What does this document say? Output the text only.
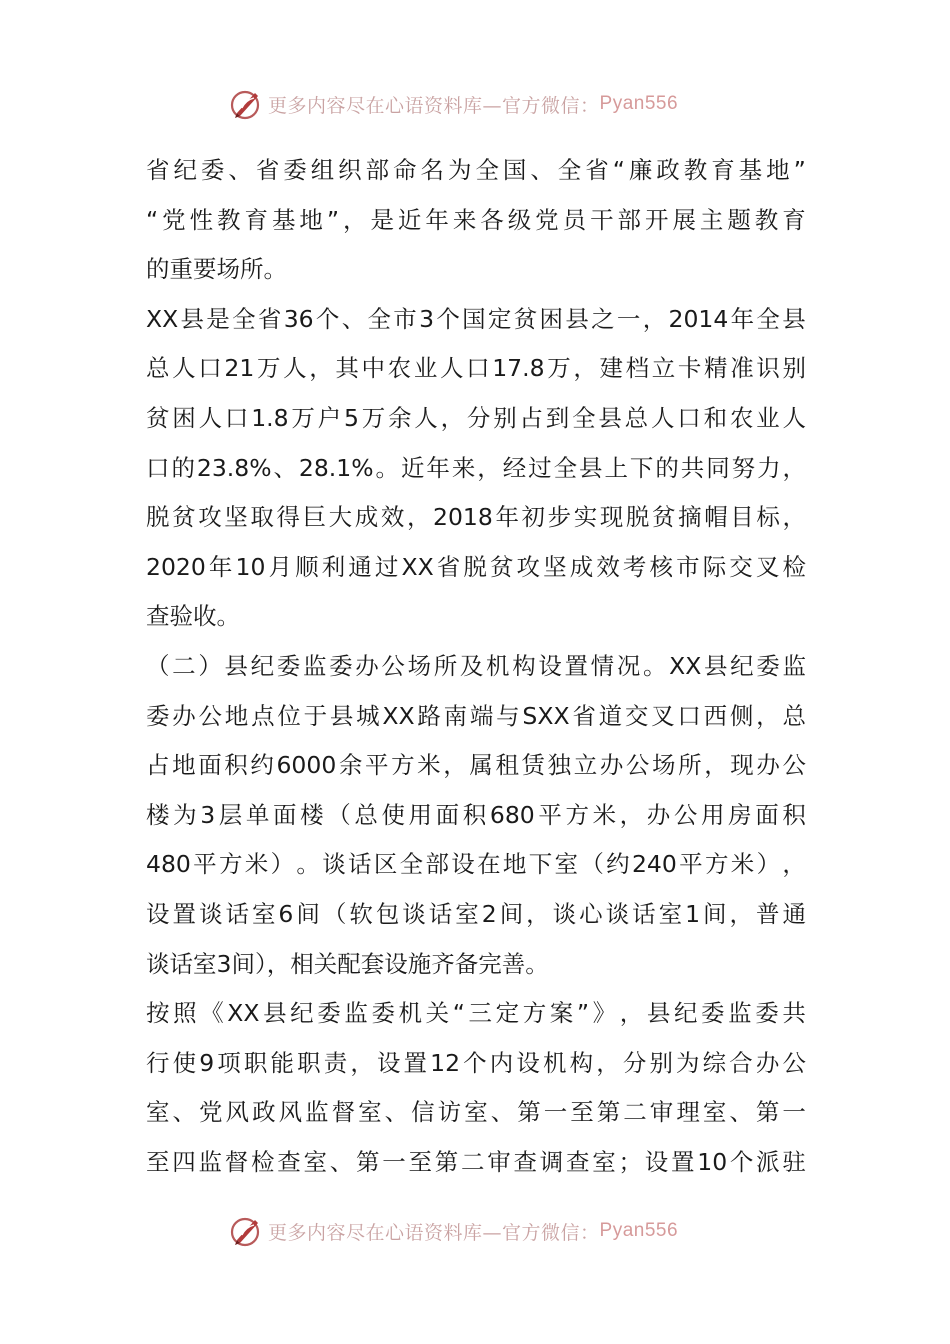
更多内容尽在心语资料库—官方微信： Pyan556
省 纪 委 、 省 委 组 织 部 命 名 为 全 国 、 全 省 “ 廉 政 教 育 基 地 ”
“ 党 性 教 育 基 地 ” ， 是 近 年 来 各 级 党 员 干 部 开 展 主 题 教 育
的重要场所。
XX 县 是 全 省 36 个 、 全 市 3 个 国 定 贫 困 县 之 一 ， 2014 年 全 县
总 人 口 21 万 人 ， 其 中 农 业 人 口 17.8 万 ， 建 档 立 卡 精 准 识 别
贫 困 人 口 1.8 万 户 5 万 余 人 ， 分 别 占 到 全 县 总 人 口 和 农 业 人
口 的 23.8% 、 28.1% 。 近 年 来 ， 经 过 全 县 上 下 的 共 同 努 力 ，
脱 贫 攻 坚 取 得 巨 大 成 效 ， 2018 年 初 步 实 现 脱 贫 摘 帽 目 标 ，
2020 年 10 月 顺 利 通 过 XX 省 脱 贫 攻 坚 成 效 考 核 市 际 交 叉 检
查验收。
（ 二 ） 县 纪 委 监 委 办 公 场 所 及 机 构 设 置 情 况 。 XX 县 纪 委 监
委 办 公 地 点 位 于 县 城 XX 路 南 端 与 SXX 省 道 交 叉 口 西 侧 ， 总
占 地 面 积 约 6000 余 平 方 米 ， 属 租 赁 独 立 办 公 场 所 ， 现 办 公
楼 为 3 层 单 面 楼 （ 总 使 用 面 积 680 平 方 米 ， 办 公 用 房 面 积
480 平 方 米 ） 。 谈 话 区 全 部 设 在 地 下 室 （ 约 240 平 方 米 ） ，
设 置 谈 话 室 6 间 （ 软 包 谈 话 室 2 间 ， 谈 心 谈 话 室 1 间 ， 普 通
谈话室3间），相关配套设施齐备完善。
按 照 《 XX 县 纪 委 监 委 机 关 “ 三 定 方 案 ” 》 ， 县 纪 委 监 委 共
行 使 9 项 职 能 职 责 ， 设 置 12 个 内 设 机 构 ， 分 别 为 综 合 办 公
室 、 党 风 政 风 监 督 室 、 信 访 室 、 第 一 至 第 二 审 理 室 、 第 一
至 四 监 督 检 查 室 、 第 一 至 第 二 审 查 调 查 室 ； 设 置 10 个 派 驻
更多内容尽在心语资料库—官方微信： Pyan556
